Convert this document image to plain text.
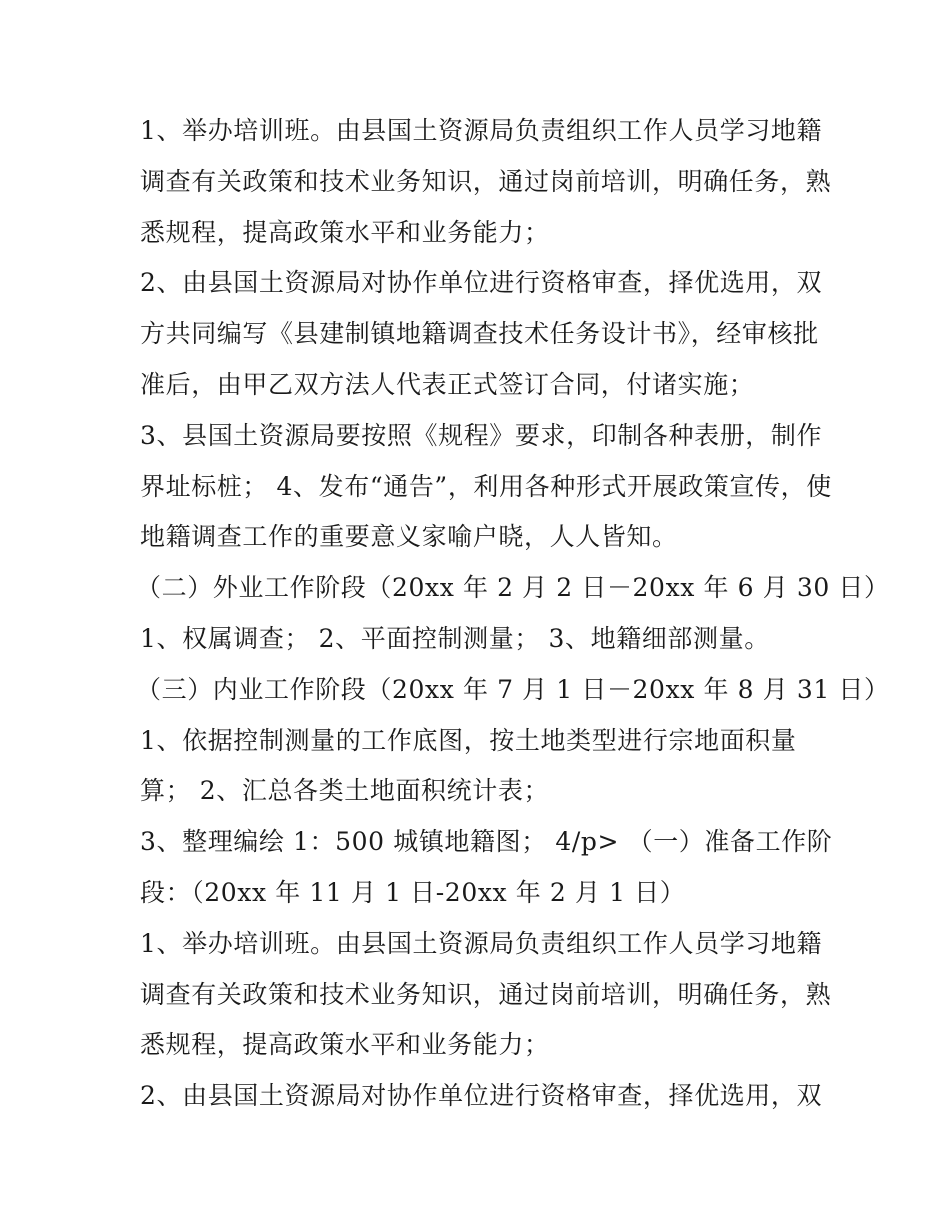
1、举办培训班。由县国土资源局负责组织工作人员学习地籍
调查有关政策和技术业务知识，通过岗前培训，明确任务，熟
悉规程，提高政策水平和业务能力；
2、由县国土资源局对协作单位进行资格审查，择优选用，双
方共同编写《县建制镇地籍调查技术任务设计书》，经审核批
准后，由甲乙双方法人代表正式签订合同，付诸实施；
3、县国土资源局要按照《规程》要求，印制各种表册，制作
界址标桩； 4、发布“通告”，利用各种形式开展政策宣传，使
地籍调查工作的重要意义家喻户晓，人人皆知。
（二）外业工作阶段（20xx 年 2 月 2 日－20xx 年 6 月 30 日）
1、权属调查； 2、平面控制测量； 3、地籍细部测量。
（三）内业工作阶段（20xx 年 7 月 1 日－20xx 年 8 月 31 日）
1、依据控制测量的工作底图，按土地类型进行宗地面积量
算； 2、汇总各类土地面积统计表；
3、整理编绘 1：500 城镇地籍图； 4/p> （一）准备工作阶
段：（20xx 年 11 月 1 日-20xx 年 2 月 1 日）
1、举办培训班。由县国土资源局负责组织工作人员学习地籍
调查有关政策和技术业务知识，通过岗前培训，明确任务，熟
悉规程，提高政策水平和业务能力；
2、由县国土资源局对协作单位进行资格审查，择优选用，双
